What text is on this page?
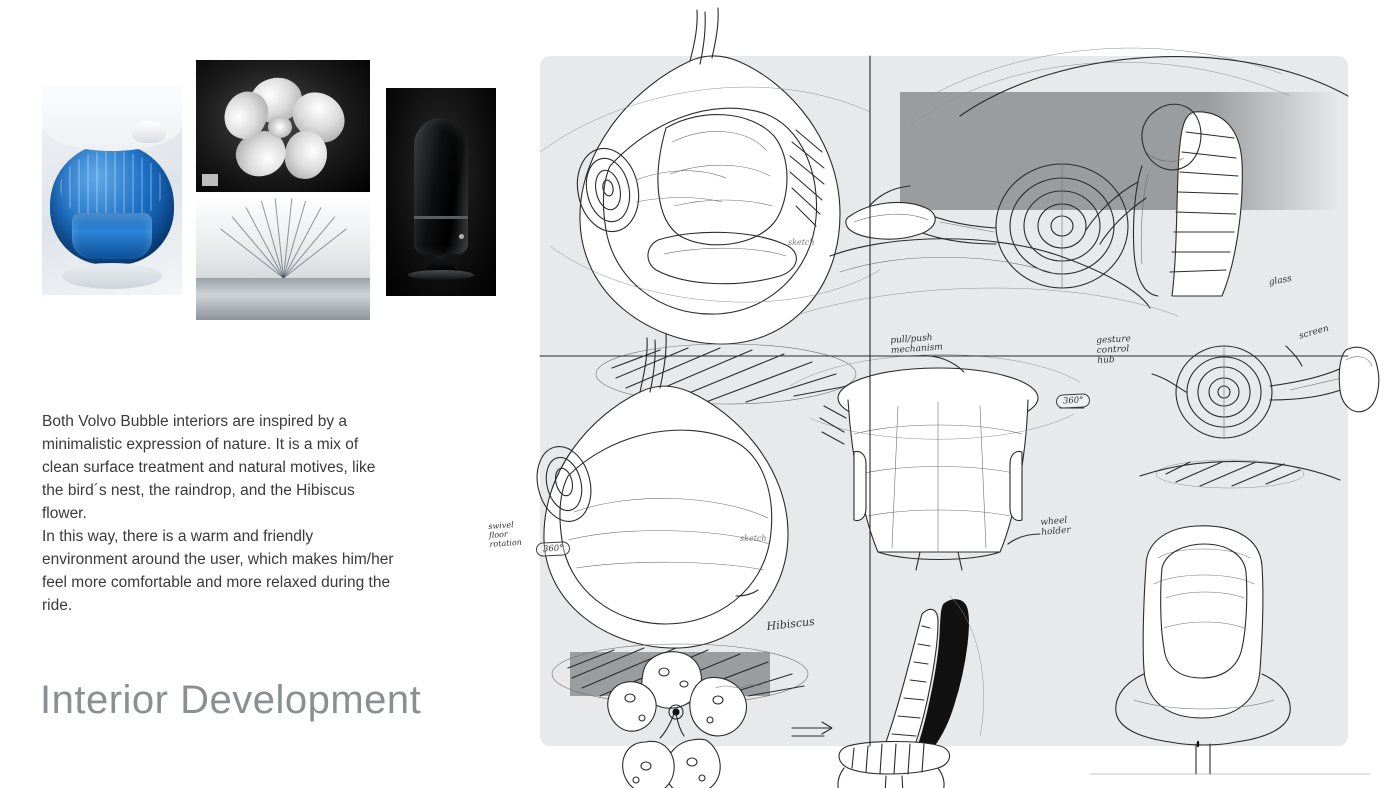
Both Volvo Bubble interiors are inspired by a

minimalistic expression of nature. It is a mix of

clean surface treatment and natural motives, like

the bird´s nest, the raindrop, and the Hibiscus

flower.

In this way, there is a warm and friendly

environment around the user, which makes him/her

feel more comfortable and more relaxed during the

ride.

Interior Development
pull/push
mechanism
360°
gesture
control
hub
glass
screen
wheel
holder
swivel
floor
rotation
360°
Hibiscus
sketch
sketch
